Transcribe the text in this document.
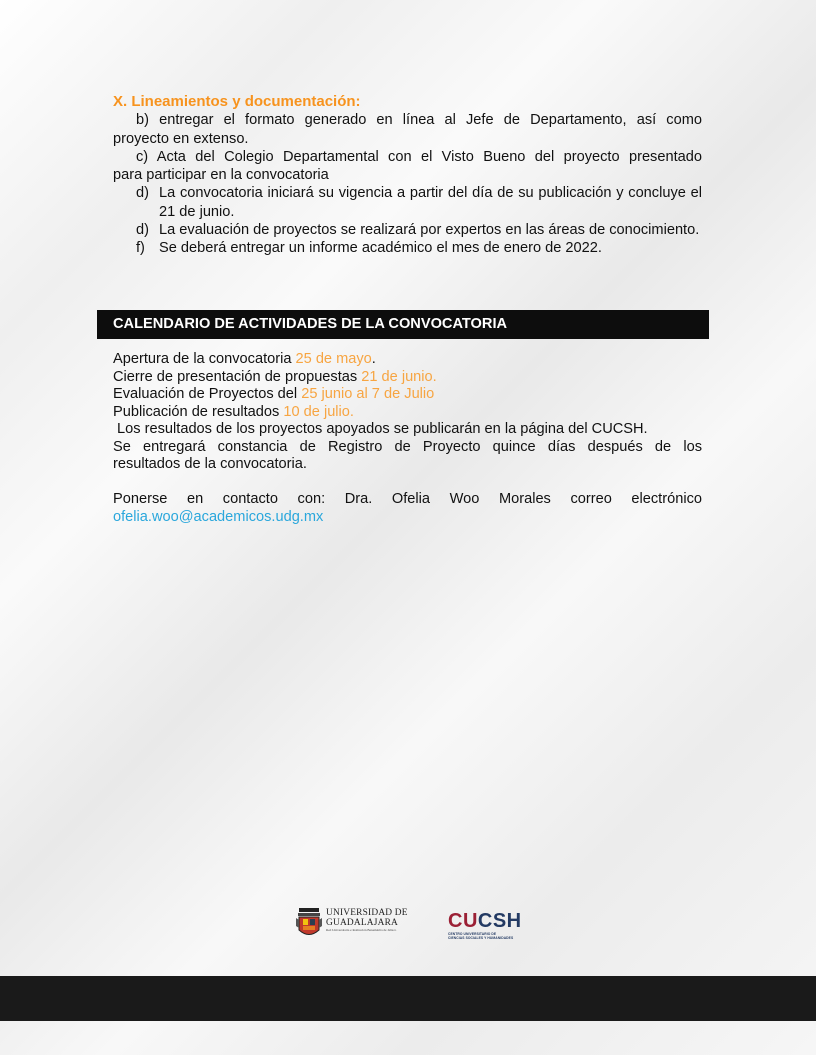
X. Lineamientos y documentación:
b) entregar el formato generado en línea al Jefe de Departamento, así como
proyecto en extenso.
c) Acta del Colegio Departamental con el Visto Bueno del proyecto presentado
para participar en la convocatoria
d) La convocatoria iniciará su vigencia a partir del día de su publicación y concluye el 21 de junio.
d) La evaluación de proyectos se realizará por expertos en las áreas de conocimiento.
f) Se deberá entregar un informe académico el mes de enero de 2022.
CALENDARIO DE ACTIVIDADES DE LA CONVOCATORIA
Apertura de la convocatoria 25 de mayo.
Cierre de presentación de propuestas 21 de junio.
Evaluación de Proyectos del 25 junio al 7 de Julio
Publicación de resultados 10 de julio.
Los resultados de los proyectos apoyados se publicarán en la página del CUCSH.
Se entregará constancia de Registro de Proyecto quince días después de los
resultados de la convocatoria.
Ponerse en contacto con: Dra. Ofelia Woo Morales correo electrónico
ofelia.woo@academicos.udg.mx
UNIVERSIDAD DE
GUADALAJARA
Red Universitaria e Institución Benemérita de Jalisco	CUCSH
CENTRO UNIVERSITARIO DE
CIENCIAS SOCIALES Y HUMANIDADES
